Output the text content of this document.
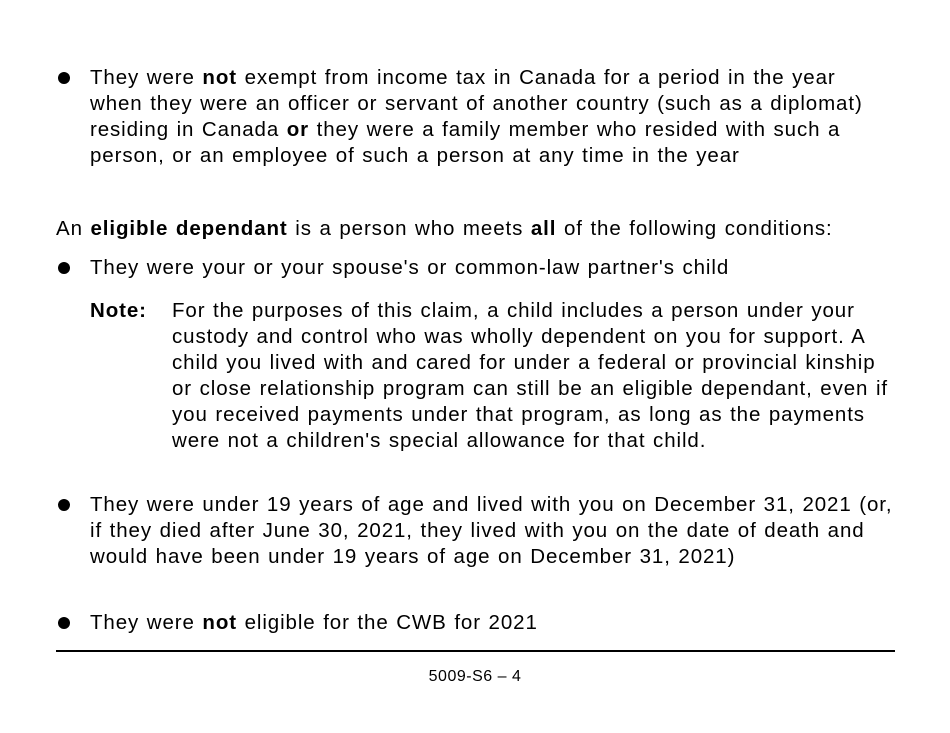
They were not exempt from income tax in Canada for a period in the year when they were an officer or servant of another country (such as a diplomat) residing in Canada or they were a family member who resided with such a person, or an employee of such a person at any time in the year
An eligible dependant is a person who meets all of the following conditions:
They were your or your spouse's or common-law partner's child
Note: For the purposes of this claim, a child includes a person under your custody and control who was wholly dependent on you for support. A child you lived with and cared for under a federal or provincial kinship or close relationship program can still be an eligible dependant, even if you received payments under that program, as long as the payments were not a children's special allowance for that child.
They were under 19 years of age and lived with you on December 31, 2021 (or, if they died after June 30, 2021, they lived with you on the date of death and would have been under 19 years of age on December 31, 2021)
They were not eligible for the CWB for 2021
5009-S6 – 4
